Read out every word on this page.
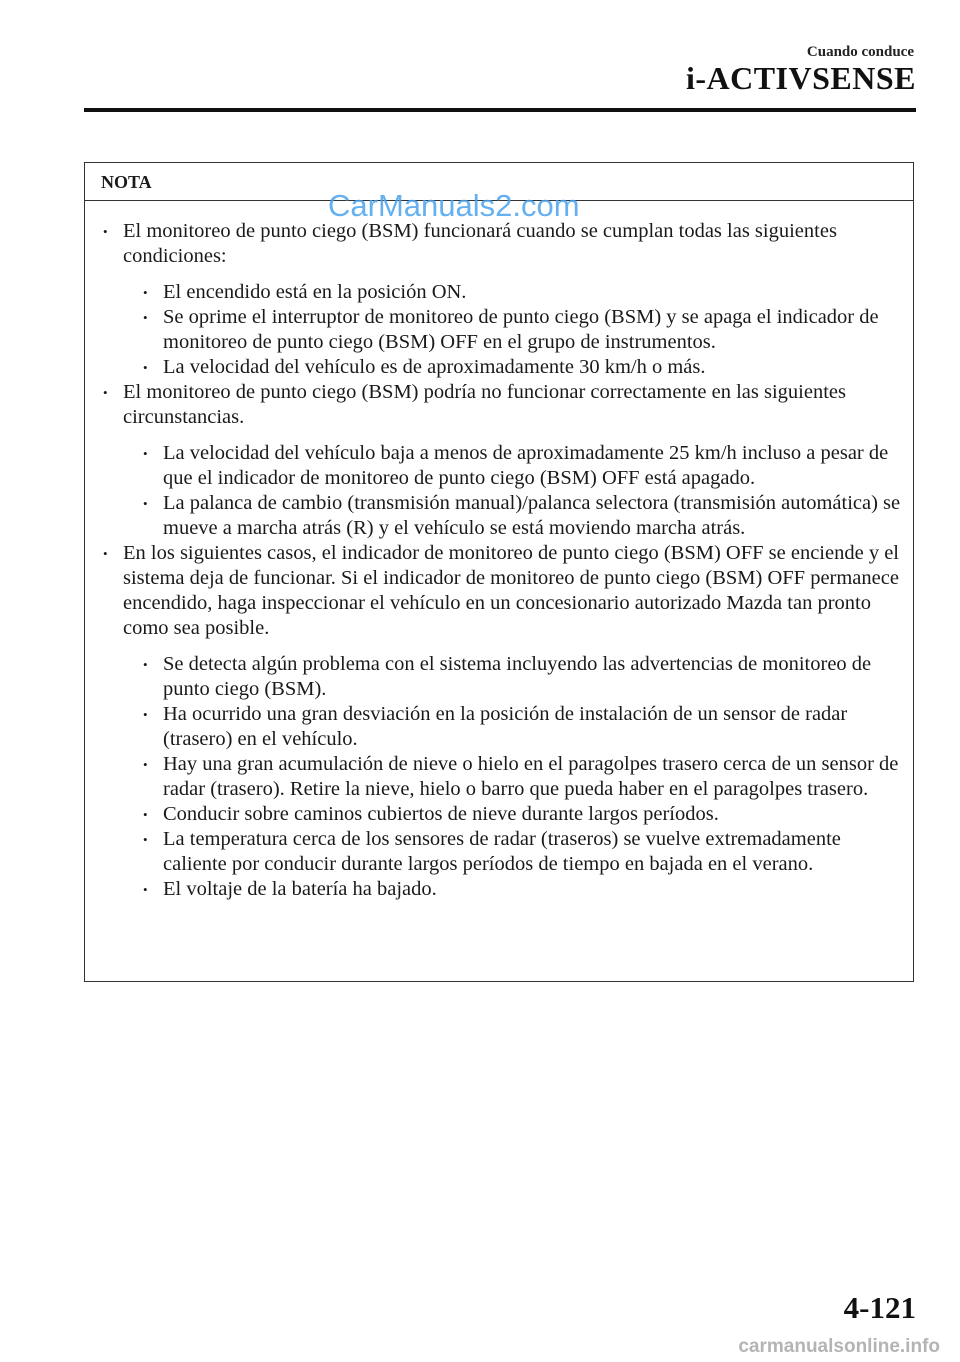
Cuando conduce
i-ACTIVSENSE
NOTA
• El monitoreo de punto ciego (BSM) funcionará cuando se cumplan todas las siguientes condiciones:
• El encendido está en la posición ON.
• Se oprime el interruptor de monitoreo de punto ciego (BSM) y se apaga el indicador de monitoreo de punto ciego (BSM) OFF en el grupo de instrumentos.
• La velocidad del vehículo es de aproximadamente 30 km/h o más.
• El monitoreo de punto ciego (BSM) podría no funcionar correctamente en las siguientes circunstancias.
• La velocidad del vehículo baja a menos de aproximadamente 25 km/h incluso a pesar de que el indicador de monitoreo de punto ciego (BSM) OFF está apagado.
• La palanca de cambio (transmisión manual)/palanca selectora (transmisión automática) se mueve a marcha atrás (R) y el vehículo se está moviendo marcha atrás.
• En los siguientes casos, el indicador de monitoreo de punto ciego (BSM) OFF se enciende y el sistema deja de funcionar. Si el indicador de monitoreo de punto ciego (BSM) OFF permanece encendido, haga inspeccionar el vehículo en un concesionario autorizado Mazda tan pronto como sea posible.
• Se detecta algún problema con el sistema incluyendo las advertencias de monitoreo de punto ciego (BSM).
• Ha ocurrido una gran desviación en la posición de instalación de un sensor de radar (trasero) en el vehículo.
• Hay una gran acumulación de nieve o hielo en el paragolpes trasero cerca de un sensor de radar (trasero). Retire la nieve, hielo o barro que pueda haber en el paragolpes trasero.
• Conducir sobre caminos cubiertos de nieve durante largos períodos.
• La temperatura cerca de los sensores de radar (traseros) se vuelve extremadamente caliente por conducir durante largos períodos de tiempo en bajada en el verano.
• El voltaje de la batería ha bajado.
CarManuals2.com
4-121
carmanualsonline.info
